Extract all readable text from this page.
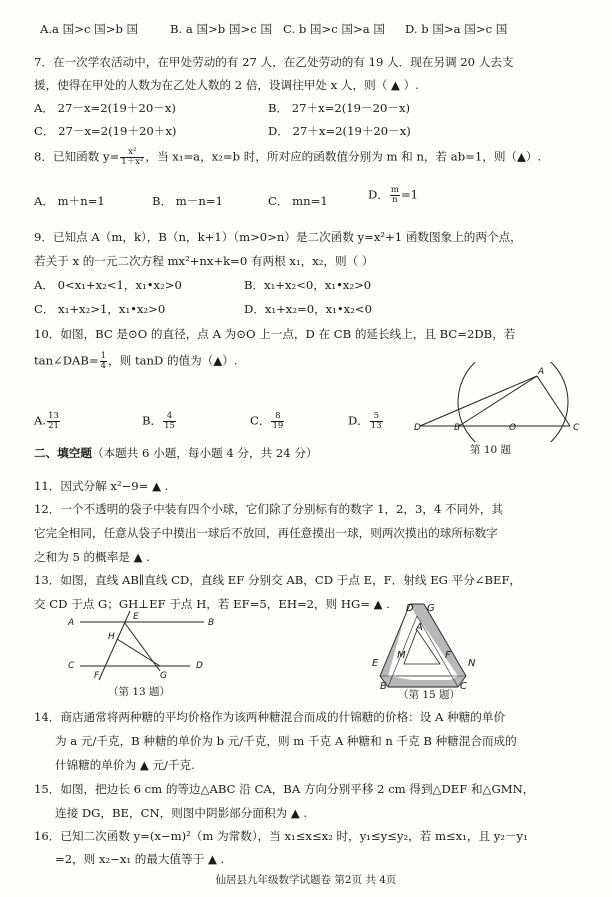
A.a 国>c 国>b 国	B. a 国>b 国>c 国 C. b 国>c 国>a 国 D. b 国>a 国>c 国
7．在一次学农活动中，在甲处劳动的有 27 人，在乙处劳动的有 19 人．现在另调 20 人去支
援，使得在甲处的人数为在乙处人数的 2 倍，设调往甲处 x 人，则（ ▲ ）.
A． 27－x=2(19＋20－x)	B． 27＋x=2(19－20－x)
C． 27－x=2(19＋20＋x)	D． 27＋x=2(19＋20－x)
8．已知函数 $y= \frac{\text{x²}}{\text{1＋x²}}$ ，当 x₁=a，x₂=b 时，所对应的函数值分别为 m 和 n，若 ab=1，则（▲）.
A． m＋n=1	B． m－n=1	C． mn=1	D． $\frac{m}{n} =1$
9．已知点 A（m，k），B（n，k+1）（m>0>n）是二次函数 y=x²+1 函数图象上的两个点，
若关于 x 的一元二次方程 mx²+nx+k=0 有两根 x₁，x₂，则（ ）
A． 0<x₁+x₂<1，x₁•x₂>0	B．x₁+x₂<0，x₁•x₂>0
C． x₁+x₂>1，x₁•x₂>0	D．x₁+x₂=0，x₁•x₂<0
10．如图，BC 是⊙O 的直径，点 A 为⊙O 上一点，D 在 CB 的延长线上，且 BC=2DB，若
tan∠DAB= $\frac{1}{4}$ ，则 tanD 的值为（▲）.
A. $\frac{13}{21}$	B． $\frac{4}{15}$	C． $\frac{8}{19}$	D． $\frac{5}{13}$
A
D	B	O	C
第 10 题
二、填空题（本题共 6 小题，每小题 4 分，共 24 分）
11．因式分解 x²−9= ▲ .
12．一个不透明的袋子中装有四个小球，它们除了分别标有的数字 1，2，3，4 不同外，其
它完全相同，任意从袋子中摸出一球后不放回，再任意摸出一球，则两次摸出的球所标数字
之和为 5 的概率是 ▲ .
13．如图，直线 AB∥直线 CD，直线 EF 分别交 AB，CD 于点 E，F．射线 EG 平分∠BEF，
交 CD 于点 G；GH⊥EF 于点 H，若 EF=5，EH=2，则 HG= ▲ .
A	B
E
H
C	D
F	G
（第 13 题）
D G
A
M	F
E	N
B	C
（第 15 题）
14．商店通常将两种糖的平均价格作为该两种糖混合而成的什锦糖的价格：设 A 种糖的单价
为 a 元/千克，B 种糖的单价为 b 元/千克，则 m 千克 A 种糖和 n 千克 B 种糖混合而成的
什锦糖的单价为 ▲ 元/千克.
15．如图，把边长 6 cm 的等边△ABC 沿 CA，BA 方向分别平移 2 cm 得到△DEF 和△GMN，
连接 DG，BE，CN，则图中阴影部分面积为 ▲ .
16．已知二次函数 y=(x−m)²（m 为常数），当 x₁≤x≤x₂ 时，y₁≤y≤y₂，若 m≤x₁，且 y₂－y₁
=2，则 x₂−x₁ 的最大值等于 ▲ .
仙居县九年级数学试题卷 第2页 共 4页
